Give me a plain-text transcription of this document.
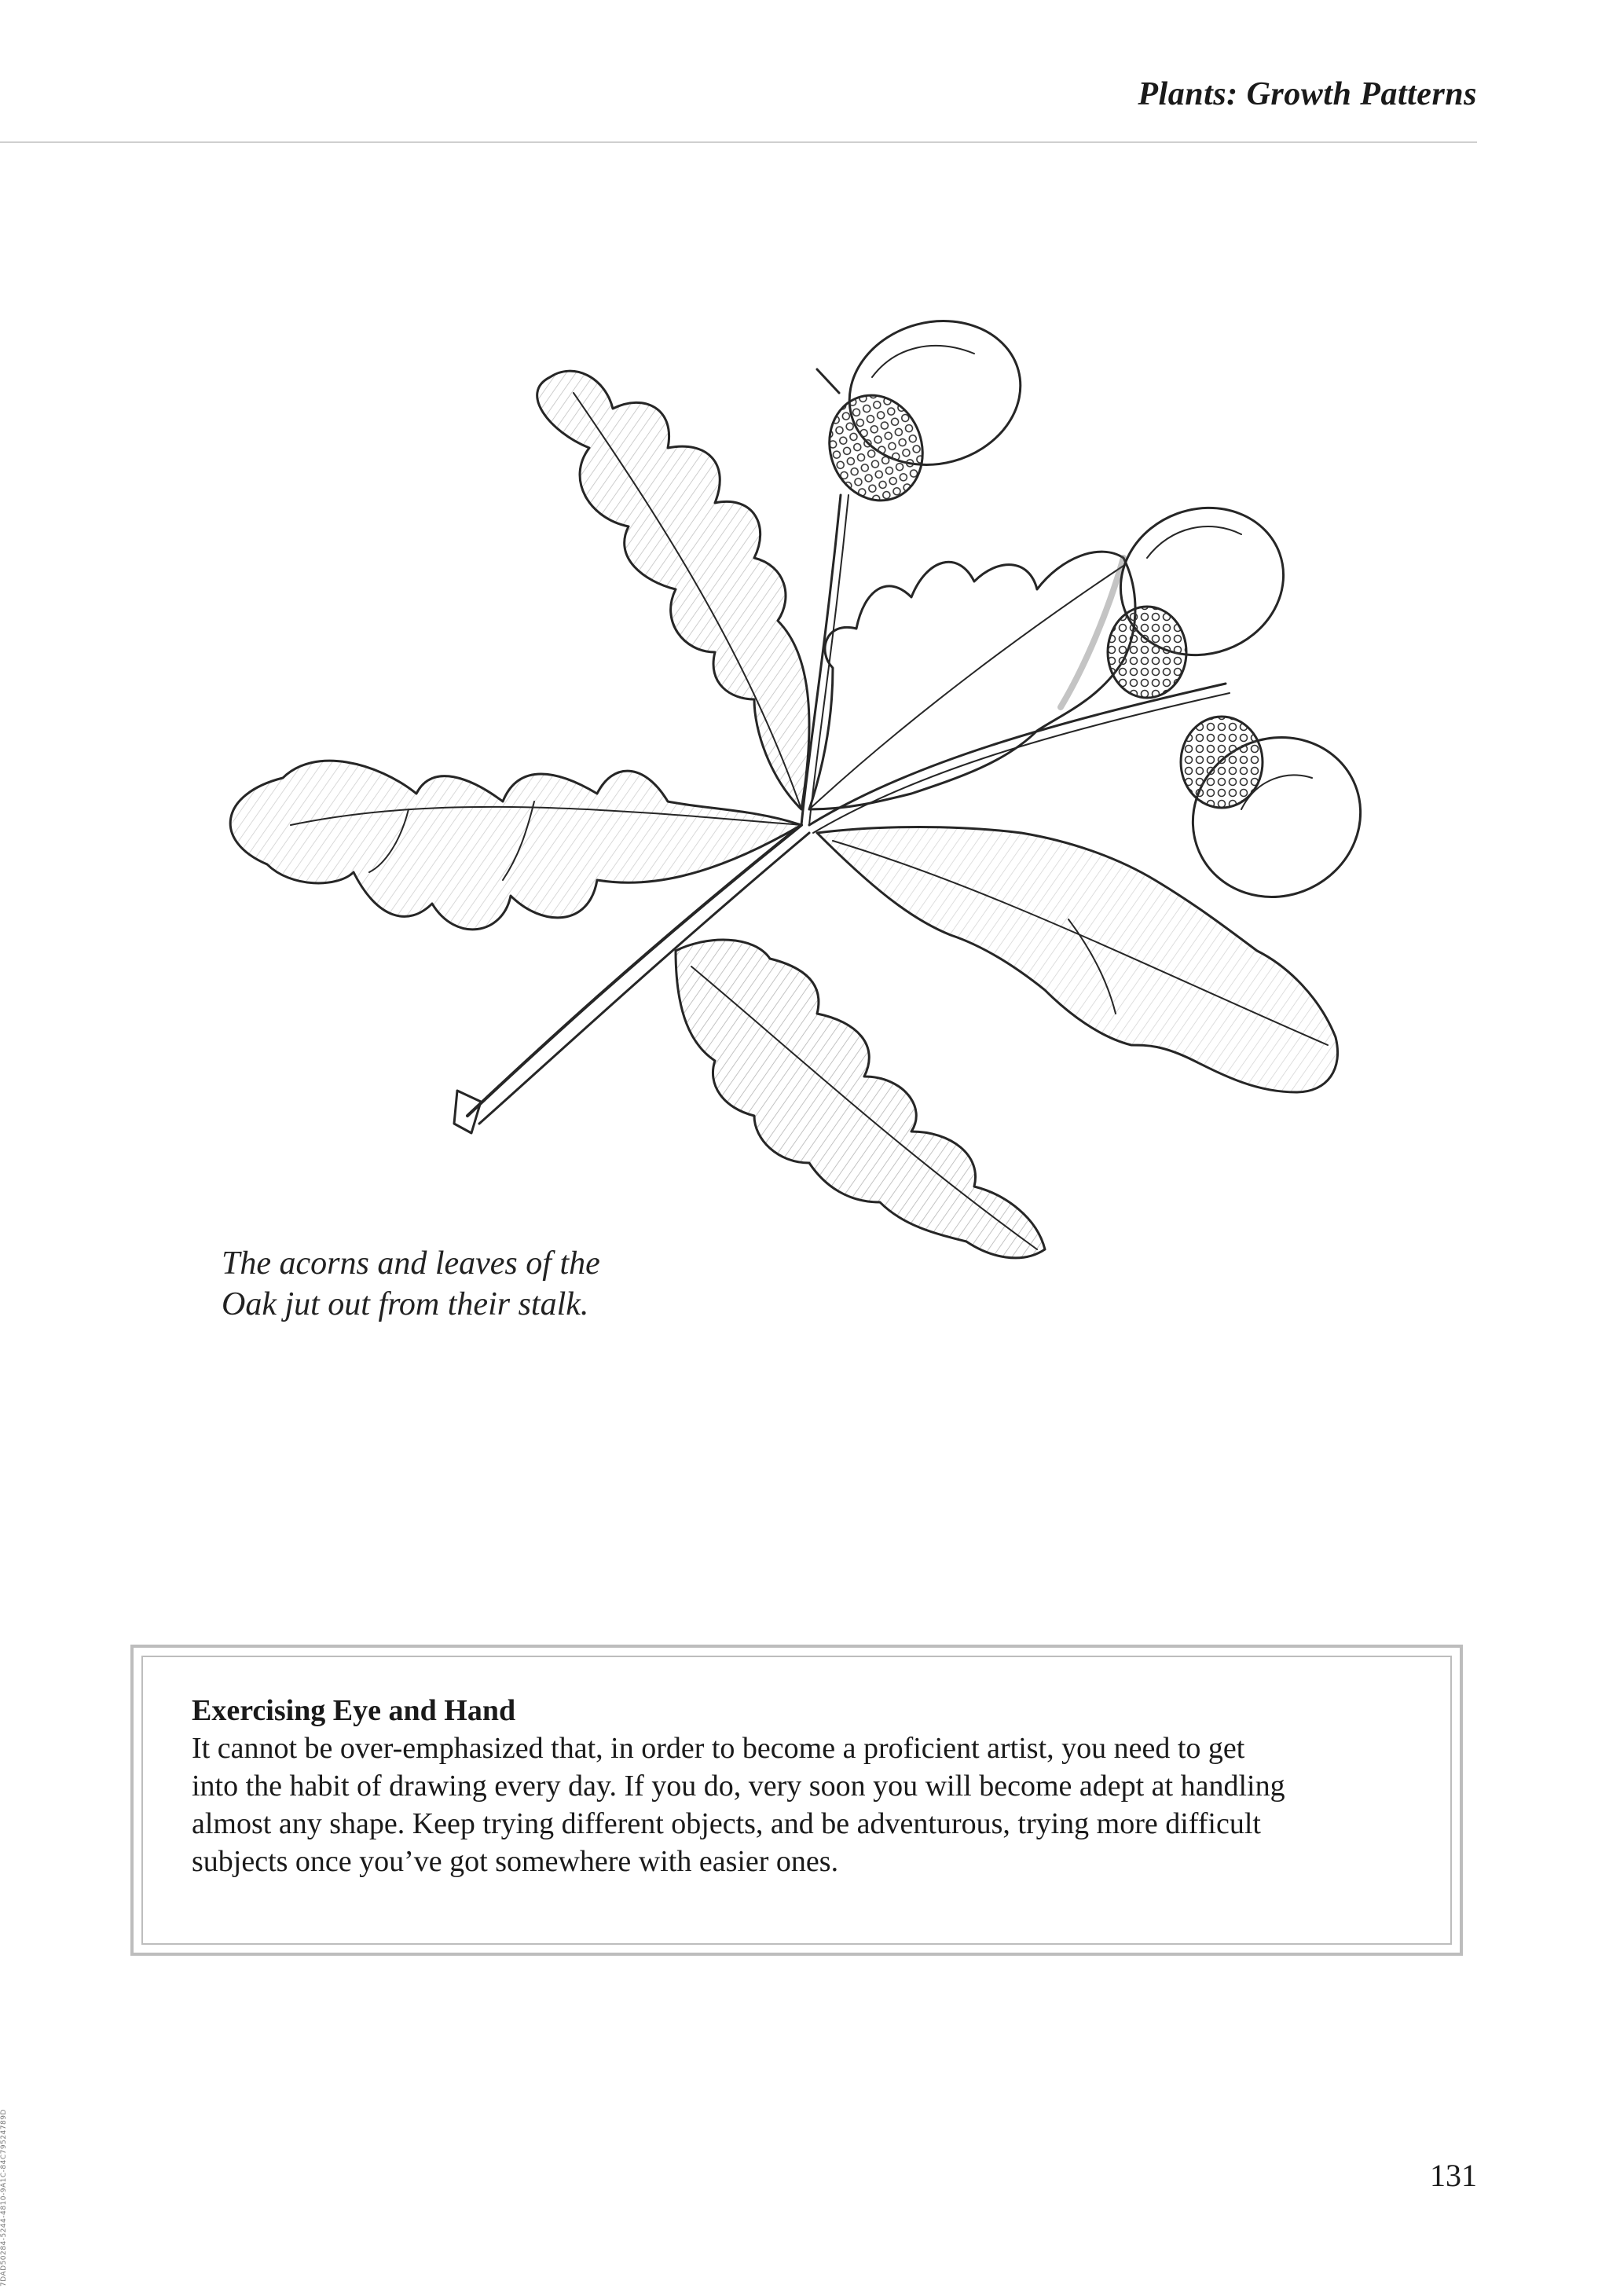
Plants: Growth Patterns
The acorns and leaves of the
Oak jut out from their stalk.
Exercising Eye and Hand
It cannot be over-emphasized that, in order to become a proficient artist, you need to get
into the habit of drawing every day. If you do, very soon you will become adept at handling
almost any shape. Keep trying different objects, and be adventurous, trying more difficult
subjects once you’ve got somewhere with easier ones.
131
7DAD50284-5244-4810-9A1C-84C79524789D
